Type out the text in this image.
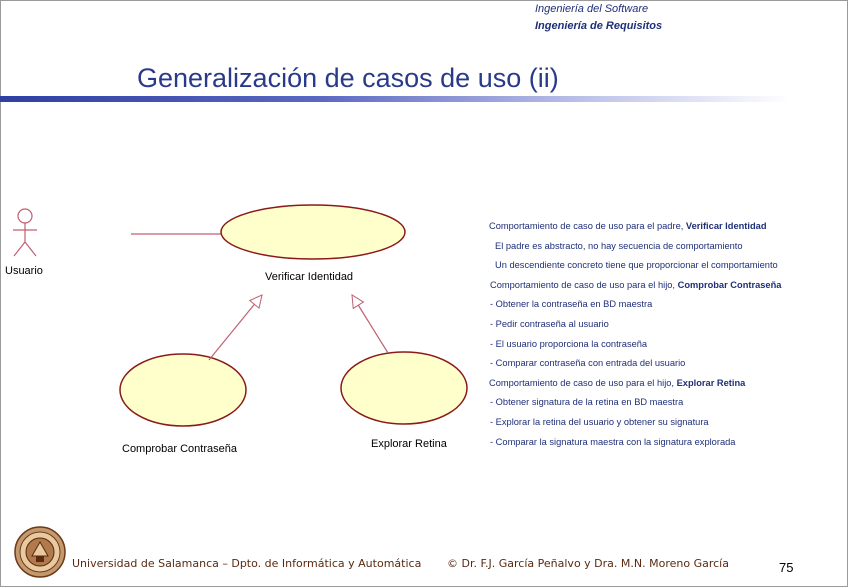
Ingeniería del Software
Ingeniería de Requisitos
Generalización de casos de uso (ii)
Usuario	Verificar Identidad
Comprobar Contraseña	Explorar Retina
Comportamiento de caso de uso para el padre, Verificar Identidad
El padre es abstracto, no hay secuencia de comportamiento
Un descendiente concreto tiene que proporcionar el comportamiento
Comportamiento de caso de uso para el hijo, Comprobar Contraseña
- Obtener la contraseña en BD maestra
- Pedir contraseña al usuario
- El usuario proporciona la contraseña
- Comparar contraseña con entrada del usuario
Comportamiento de caso de uso para el hijo, Explorar Retina
- Obtener signatura de la retina en BD maestra
- Explorar la retina del usuario y obtener su signatura
- Comparar la signatura maestra con la signatura explorada
Universidad de Salamanca – Dpto. de Informática y Automática © Dr. F.J. García Peñalvo y Dra. M.N. Moreno García	75
